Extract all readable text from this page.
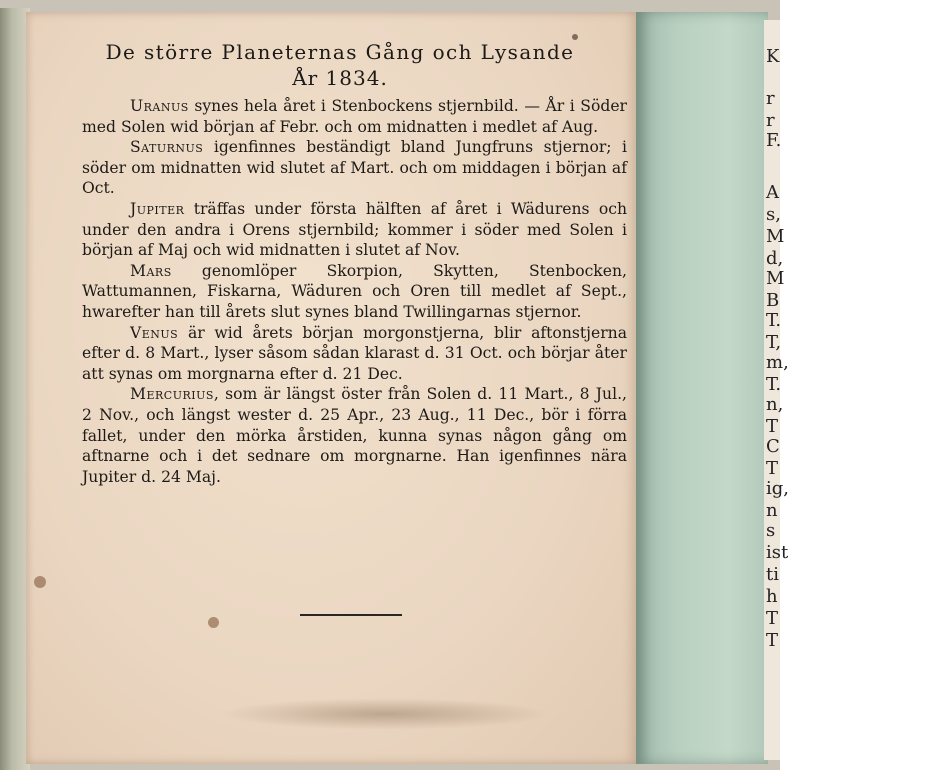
De större Planeternas Gång och Lysande
År 1834.

Uranus synes hela året i Stenbockens stjernbild. — År i Söder med Solen wid början af Febr. och om midnatten i medlet af Aug.

Saturnus igenfinnes beständigt bland Jungfruns stjernor; i söder om midnatten wid slutet af Mart. och om middagen i början af Oct.

Jupiter träffas under första hälften af året i Wädurens och under den andra i Orens stjernbild; kommer i söder med Solen i början af Maj och wid midnatten i slutet af Nov.

Mars genomlöper Skorpion, Skytten, Stenbocken, Wattumannen, Fiskarna, Wäduren och Oren till medlet af Sept., hwarefter han till årets slut synes bland Twillingarnas stjernor.

Venus är wid årets början morgonstjerna, blir aftonstjerna efter d. 8 Mart., lyser såsom sådan klarast d. 31 Oct. och börjar åter att synas om morgnarna efter d. 21 Dec.

Mercurius, som är längst öster från Solen d. 11 Mart., 8 Jul., 2 Nov., och längst wester d. 25 Apr., 23 Aug., 11 Dec., bör i förra fallet, under den mörka årstiden, kunna synas någon gång om aftnarne och i det sednare om morgnarne. Han igenfinnes nära Jupiter d. 24 Maj.

K
r
r
F.
A
s,
M
d,
M
B
T.
T,
m,
T.
n,
T
C
T
ig,
n
s
ist
ti
h
T
T
